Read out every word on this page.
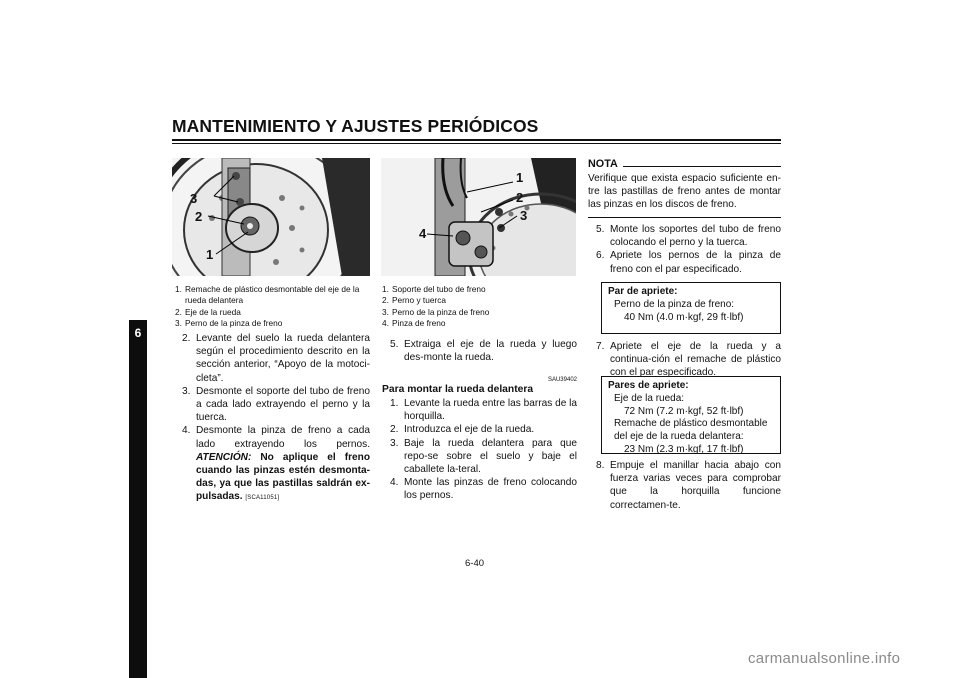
MANTENIMIENTO Y AJUSTES PERIÓDICOS
6
3
2
1
1. Remache de plástico desmontable del eje de la rueda delantera
2. Eje de la rueda
3. Perno de la pinza de freno
2. Levante del suelo la rueda delantera según el procedimiento descrito en la sección anterior, “Apoyo de la motoci-cleta”.
3. Desmonte el soporte del tubo de freno a cada lado extrayendo el perno y la tuerca.
4. Desmonte la pinza de freno a cada lado extrayendo los pernos. ATENCIÓN: No aplique el freno cuando las pinzas estén desmonta-das, ya que las pastillas saldrán ex-pulsadas. [SCA11051]
1
2
3
4
1. Soporte del tubo de freno
2. Perno y tuerca
3. Perno de la pinza de freno
4. Pinza de freno
5. Extraiga el eje de la rueda y luego des-monte la rueda.
SAU39402
Para montar la rueda delantera
1. Levante la rueda entre las barras de la horquilla.
2. Introduzca el eje de la rueda.
3. Baje la rueda delantera para que repo-se sobre el suelo y baje el caballete la-teral.
4. Monte las pinzas de freno colocando los pernos.
NOTA
Verifique que exista espacio suficiente en-tre las pastillas de freno antes de montar las pinzas en los discos de freno.
5. Monte los soportes del tubo de freno colocando el perno y la tuerca.
6. Apriete los pernos de la pinza de freno con el par especificado.
Par de apriete:
Perno de la pinza de freno:
40 Nm (4.0 m·kgf, 29 ft·lbf)
7. Apriete el eje de la rueda y a continua-ción el remache de plástico con el par especificado.
Pares de apriete:
Eje de la rueda:
72 Nm (7.2 m·kgf, 52 ft·lbf)
Remache de plástico desmontable
del eje de la rueda delantera:
23 Nm (2.3 m·kgf, 17 ft·lbf)
8. Empuje el manillar hacia abajo con fuerza varias veces para comprobar que la horquilla funcione correctamen-te.
6-40
carmanualsonline.info
